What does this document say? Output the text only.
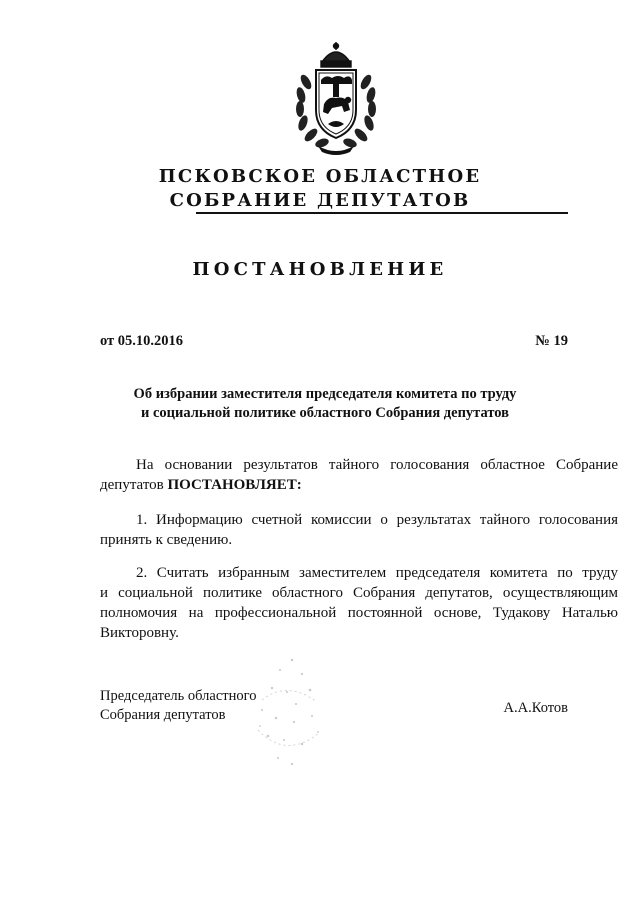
ПСКОВСКОЕ ОБЛАСТНОЕ
СОБРАНИЕ ДЕПУТАТОВ
ПОСТАНОВЛЕНИЕ
от 05.10.2016	№ 19
Об избрании заместителя председателя комитета по труду
и социальной политике областного Собрания депутатов
На основании результатов тайного голосования областное Собрание
депутатов ПОСТАНОВЛЯЕТ:
1. Информацию счетной комиссии о результатах тайного голосования
принять к сведению.
2. Считать избранным заместителем председателя комитета по труду
и социальной политике областного Собрания депутатов, осуществляющим
полномочия на профессиональной постоянной основе, Тудакову Наталью
Викторовну.
Председатель областного
Собрания депутатов	А.А.Котов
